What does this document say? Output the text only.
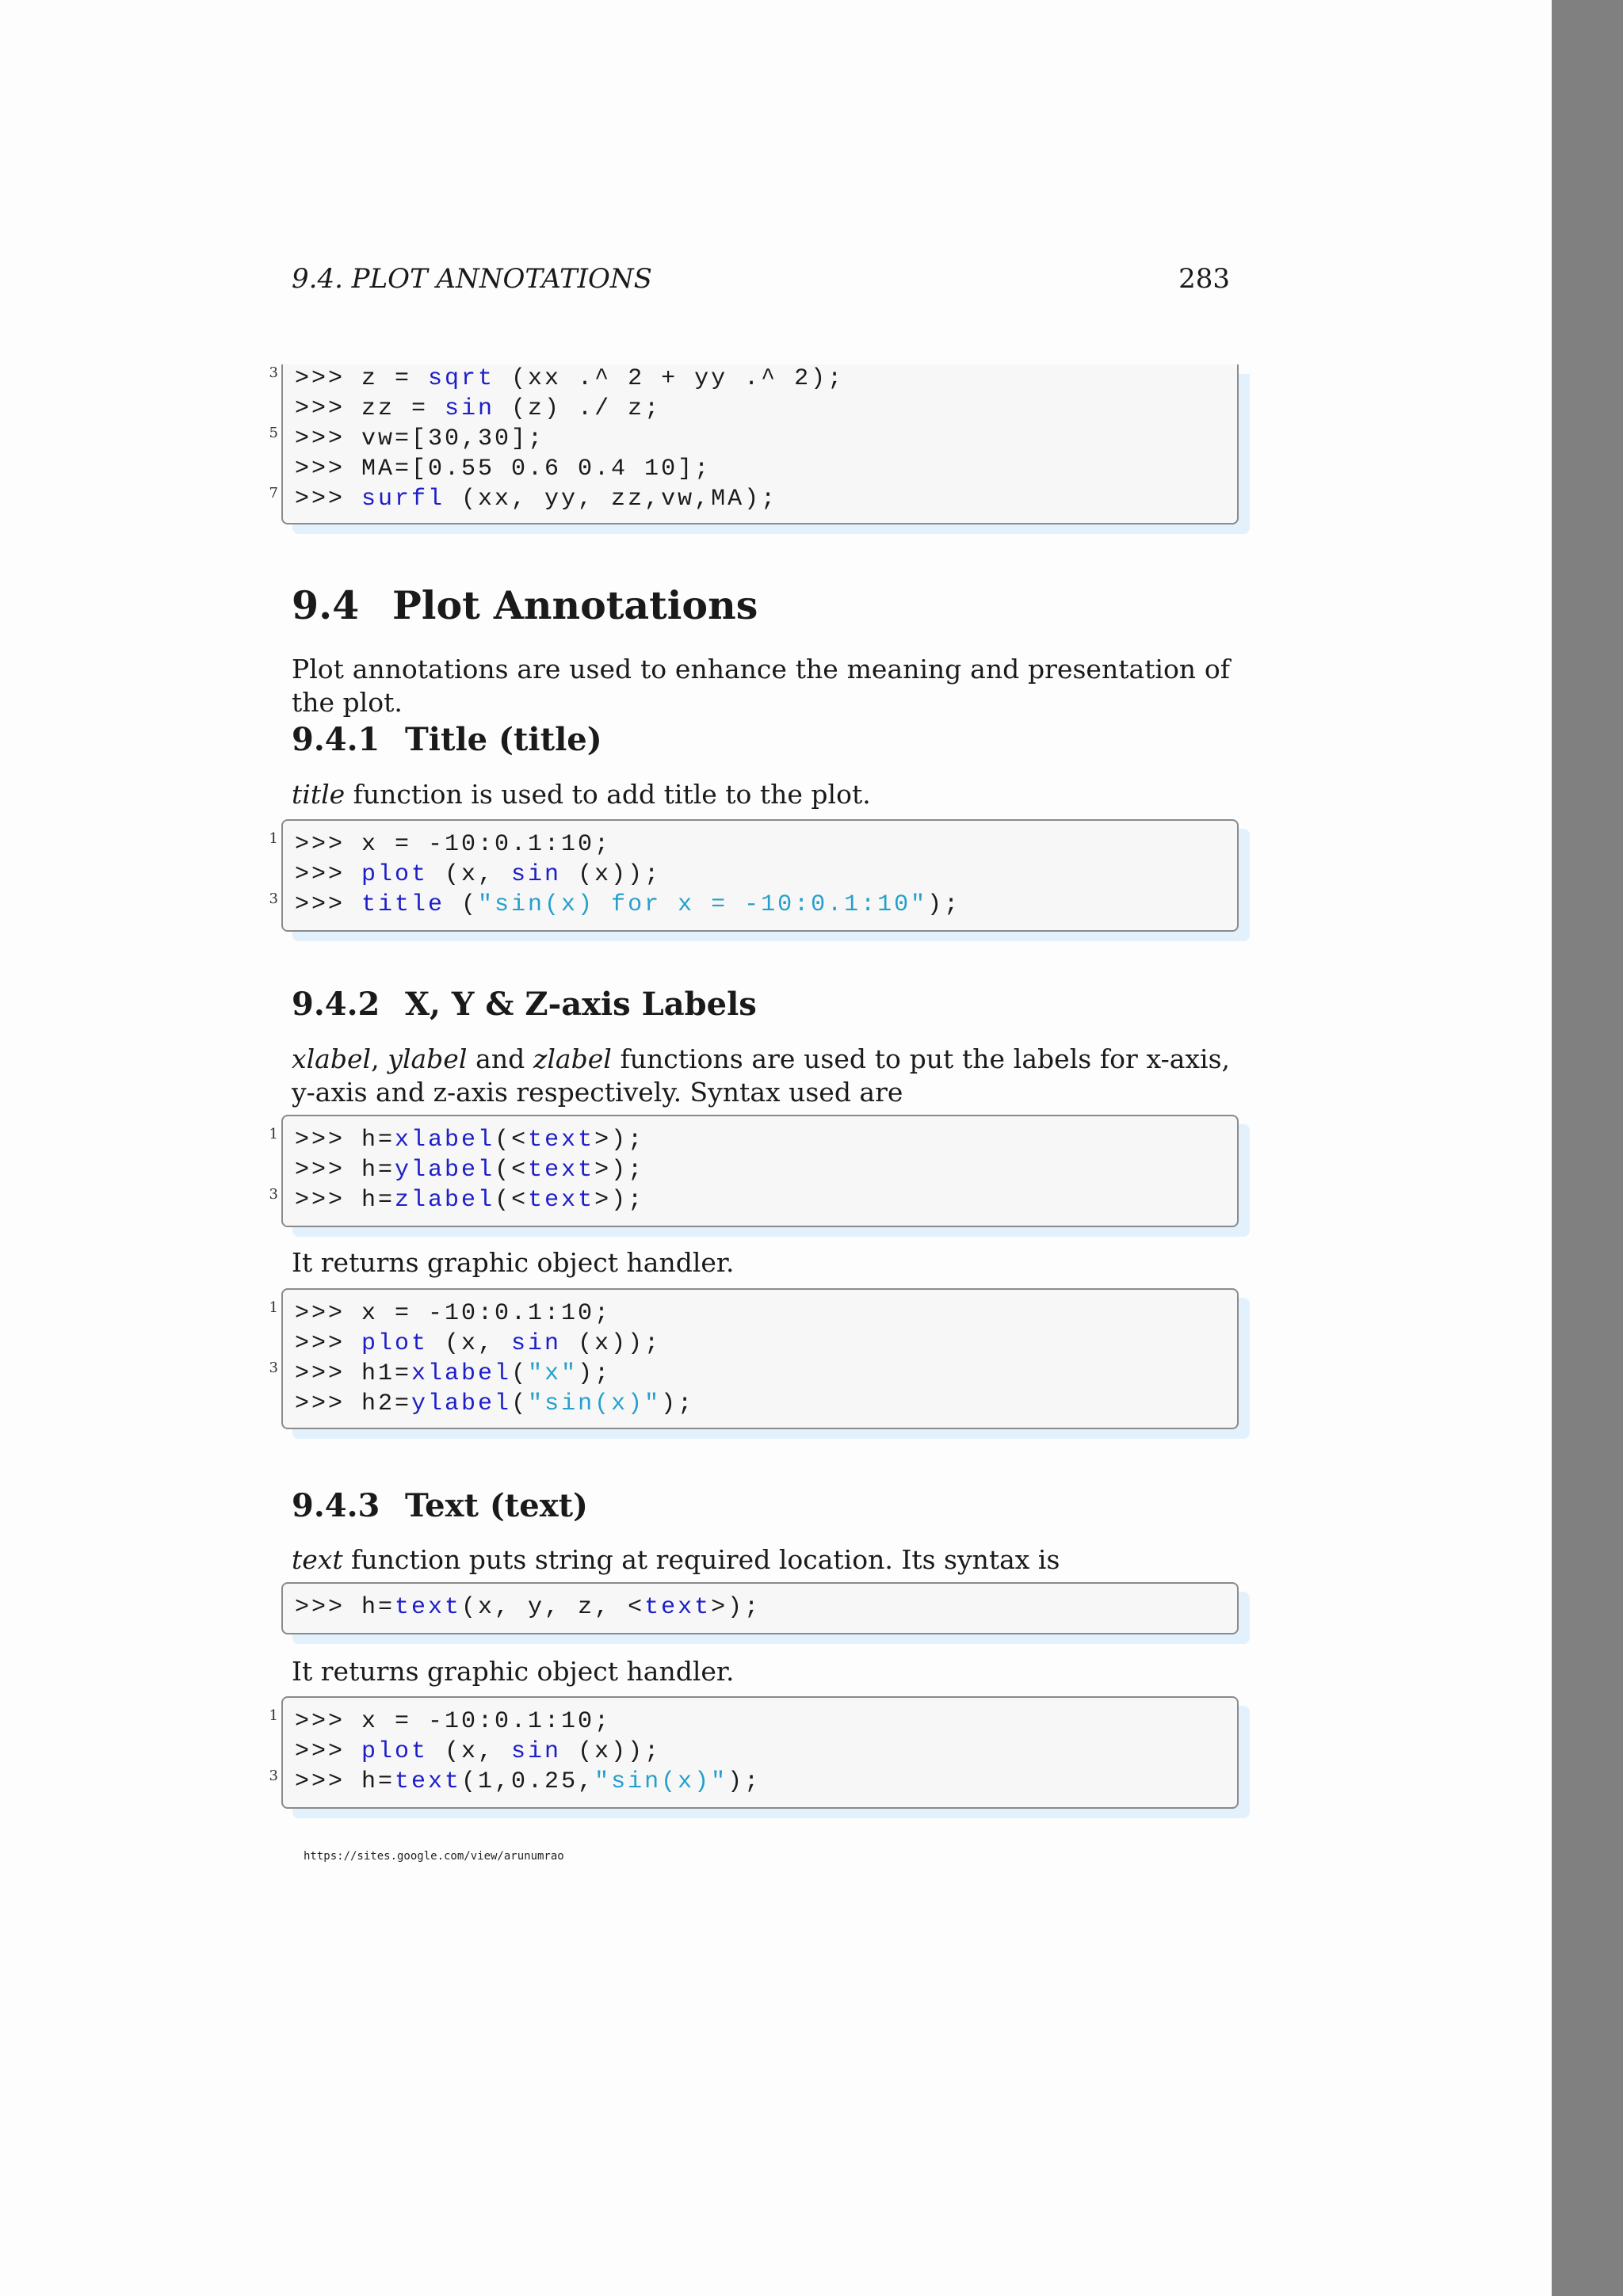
9.4. PLOT ANNOTATIONS	283
3 >>> z = sqrt (xx .^ 2 + yy .^ 2);
>>> zz = sin (z) ./ z;
5 >>> vw=[30,30];
>>> MA=[0.55 0.6 0.4 10];
7 >>> surfl (xx, yy, zz,vw,MA);
9.4 Plot Annotations
Plot annotations are used to enhance the meaning and presentation of the plot.
9.4.1 Title (title)
title function is used to add title to the plot.
1 >>> x = -10:0.1:10;
>>> plot (x, sin (x));
3 >>> title ("sin(x) for x = -10:0.1:10");
9.4.2 X, Y & Z-axis Labels
xlabel, ylabel and zlabel functions are used to put the labels for x-axis, y-axis and z-axis respectively. Syntax used are
1 >>> h=xlabel(<text>);
>>> h=ylabel(<text>);
3 >>> h=zlabel(<text>);
It returns graphic object handler.
1 >>> x = -10:0.1:10;
>>> plot (x, sin (x));
3 >>> h1=xlabel("x");
>>> h2=ylabel("sin(x)");
9.4.3 Text (text)
text function puts string at required location. Its syntax is
>>> h=text(x, y, z, <text>);
It returns graphic object handler.
1 >>> x = -10:0.1:10;
>>> plot (x, sin (x));
3 >>> h=text(1,0.25,"sin(x)");
https://sites.google.com/view/arunumrao
